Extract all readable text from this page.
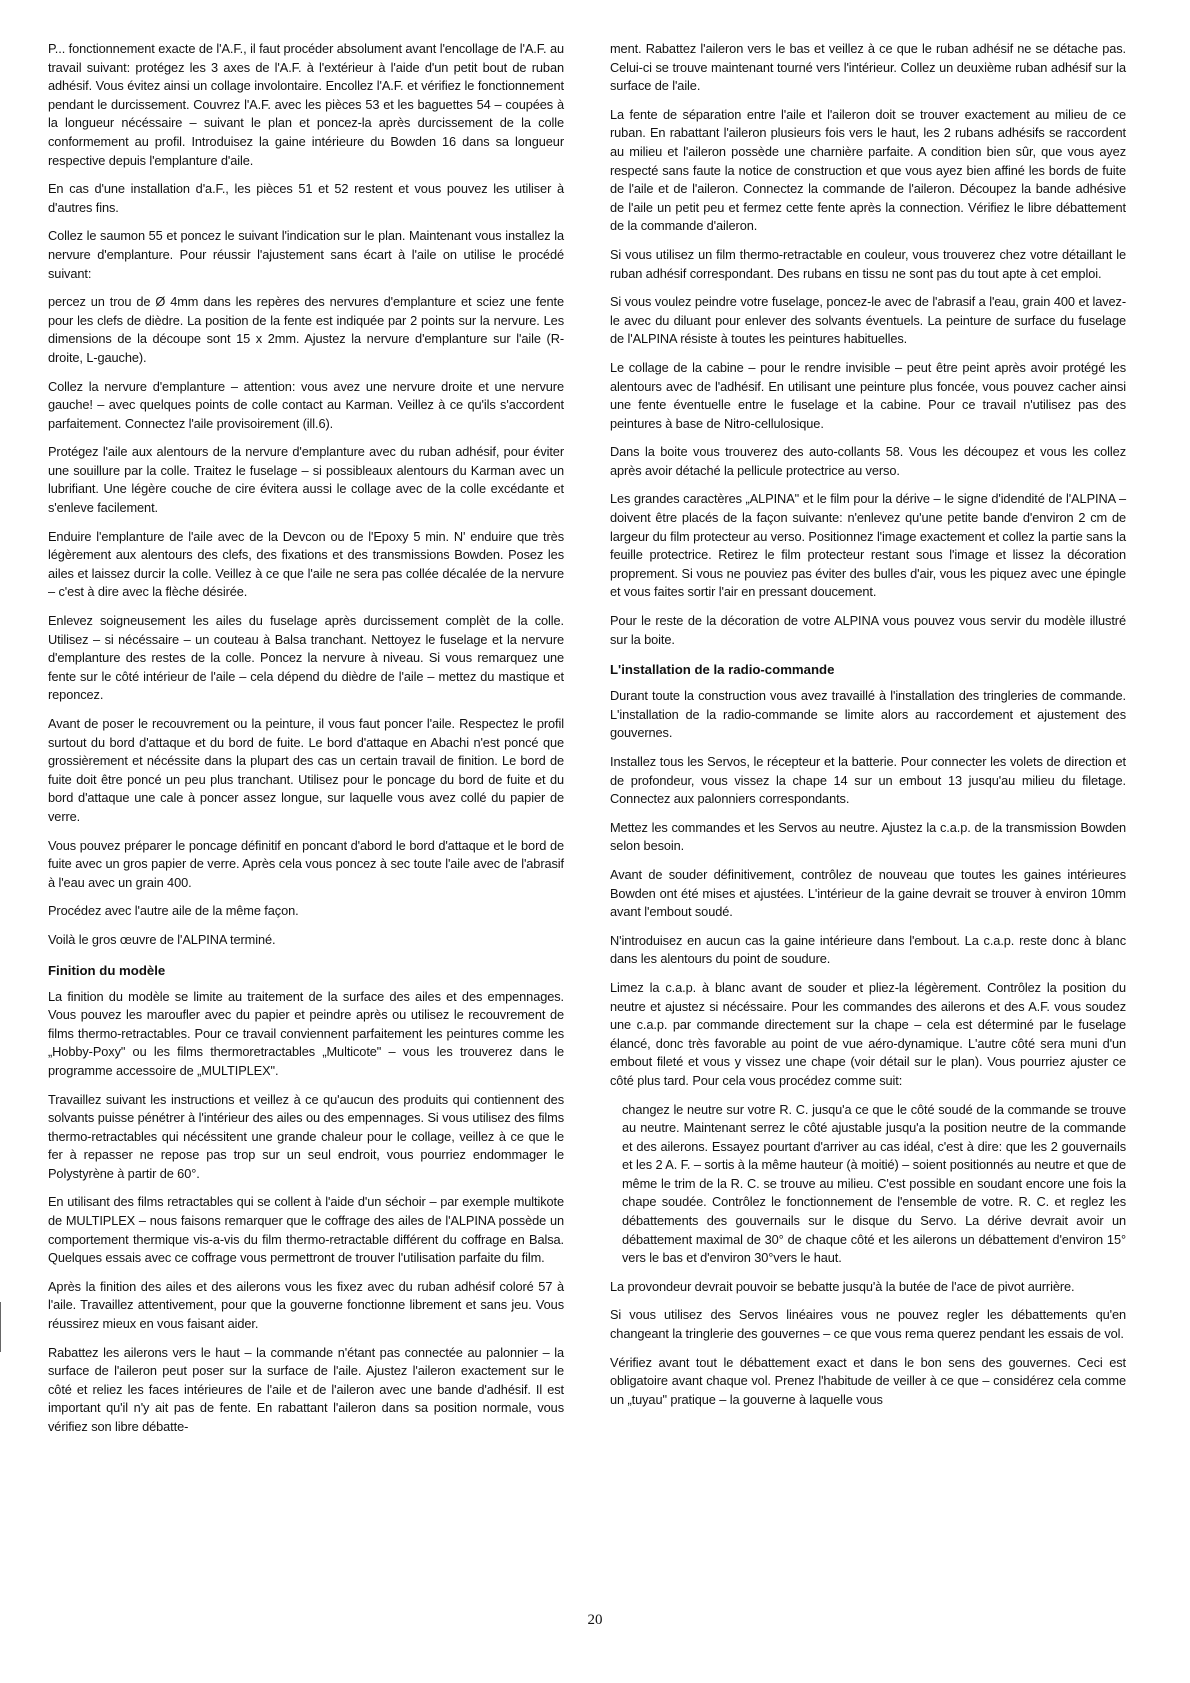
P... fonctionnement exacte de l'A.F., il faut procéder absolument avant l'encollage de l'A.F. au travail suivant: protégez les 3 axes de l'A.F. à l'extérieur à l'aide d'un petit bout de ruban adhésif. Vous évitez ainsi un collage involontaire. Encollez l'A.F. et vérifiez le fonctionnement pendant le durcissement. Couvrez l'A.F. avec les pièces 53 et les baguettes 54 – coupées à la longueur nécéssaire – suivant le plan et poncez-la après durcissement de la colle conformement au profil. Introduisez la gaine intérieure du Bowden 16 dans sa longueur respective depuis l'emplanture d'aile.

En cas d'une installation d'a.F., les pièces 51 et 52 restent et vous pouvez les utiliser à d'autres fins.

Collez le saumon 55 et poncez le suivant l'indication sur le plan. Maintenant vous installez la nervure d'emplanture. Pour réussir l'ajustement sans écart à l'aile on utilise le procédé suivant:

percez un trou de Ø 4mm dans les repères des nervures d'emplanture et sciez une fente pour les clefs de dièdre. La position de la fente est indiquée par 2 points sur la nervure. Les dimensions de la découpe sont 15 x 2mm. Ajustez la nervure d'emplanture sur l'aile (R-droite, L-gauche).

Collez la nervure d'emplanture – attention: vous avez une nervure droite et une nervure gauche! – avec quelques points de colle contact au Karman. Veillez à ce qu'ils s'accordent parfaitement. Connectez l'aile provisoirement (ill.6).

Protégez l'aile aux alentours de la nervure d'emplanture avec du ruban adhésif, pour éviter une souillure par la colle. Traitez le fuselage – si possibleaux alentours du Karman avec un lubrifiant. Une légère couche de cire évitera aussi le collage avec de la colle excédante et s'enleve facilement.

Enduire l'emplanture de l'aile avec de la Devcon ou de l'Epoxy 5 min. N' enduire que très légèrement aux alentours des clefs, des fixations et des transmissions Bowden. Posez les ailes et laissez durcir la colle. Veillez à ce que l'aile ne sera pas collée décalée de la nervure – c'est à dire avec la flèche désirée.

Enlevez soigneusement les ailes du fuselage après durcissement complèt de la colle. Utilisez – si nécéssaire – un couteau à Balsa tranchant. Nettoyez le fuselage et la nervure d'emplanture des restes de la colle. Poncez la nervure à niveau. Si vous remarquez une fente sur le côté intérieur de l'aile – cela dépend du dièdre de l'aile – mettez du mastique et reponcez.

Avant de poser le recouvrement ou la peinture, il vous faut poncer l'aile. Respectez le profil surtout du bord d'attaque et du bord de fuite. Le bord d'attaque en Abachi n'est poncé que grossièrement et nécéssite dans la plupart des cas un certain travail de finition. Le bord de fuite doit être poncé un peu plus tranchant. Utilisez pour le poncage du bord de fuite et du bord d'attaque une cale à poncer assez longue, sur laquelle vous avez collé du papier de verre.

Vous pouvez préparer le poncage définitif en poncant d'abord le bord d'attaque et le bord de fuite avec un gros papier de verre. Après cela vous poncez à sec toute l'aile avec de l'abrasif à l'eau avec un grain 400.

Procédez avec l'autre aile de la même façon.

Voilà le gros œuvre de l'ALPINA terminé.

Finition du modèle

La finition du modèle se limite au traitement de la surface des ailes et des empennages. Vous pouvez les maroufler avec du papier et peindre après ou utilisez le recouvrement de films thermo-retractables. Pour ce travail conviennent parfaitement les peintures comme les „Hobby-Poxy" ou les films thermoretractables „Multicote" – vous les trouverez dans le programme accessoire de „MULTIPLEX".

Travaillez suivant les instructions et veillez à ce qu'aucun des produits qui contiennent des solvants puisse pénétrer à l'intérieur des ailes ou des empennages. Si vous utilisez des films thermo-retractables qui nécéssitent une grande chaleur pour le collage, veillez à ce que le fer à repasser ne repose pas trop sur un seul endroit, vous pourriez endommager le Polystyrène à partir de 60°.

En utilisant des films retractables qui se collent à l'aide d'un séchoir – par exemple multikote de MULTIPLEX – nous faisons remarquer que le coffrage des ailes de l'ALPINA possède un comportement thermique vis-a-vis du film thermo-retractable différent du coffrage en Balsa. Quelques essais avec ce coffrage vous permettront de trouver l'utilisation parfaite du film.

Après la finition des ailes et des ailerons vous les fixez avec du ruban adhésif coloré 57 à l'aile. Travaillez attentivement, pour que la gouverne fonctionne librement et sans jeu. Vous réussirez mieux en vous faisant aider.

Rabattez les ailerons vers le haut – la commande n'étant pas connectée au palonnier – la surface de l'aileron peut poser sur la surface de l'aile. Ajustez l'aileron exactement sur le côté et reliez les faces intérieures de l'aile et de l'aileron avec une bande d'adhésif. Il est important qu'il n'y ait pas de fente. En rabattant l'aileron dans sa position normale, vous vérifiez son libre débatte-

ment. Rabattez l'aileron vers le bas et veillez à ce que le ruban adhésif ne se détache pas. Celui-ci se trouve maintenant tourné vers l'intérieur. Collez un deuxième ruban adhésif sur la surface de l'aile.

La fente de séparation entre l'aile et l'aileron doit se trouver exactement au milieu de ce ruban. En rabattant l'aileron plusieurs fois vers le haut, les 2 rubans adhésifs se raccordent au milieu et l'aileron possède une charnière parfaite. A condition bien sûr, que vous ayez respecté sans faute la notice de construction et que vous ayez bien affiné les bords de fuite de l'aile et de l'aileron. Connectez la commande de l'aileron. Découpez la bande adhésive de l'aile un petit peu et fermez cette fente après la connection. Vérifiez le libre débattement de la commande d'aileron.

Si vous utilisez un film thermo-retractable en couleur, vous trouverez chez votre détaillant le ruban adhésif correspondant. Des rubans en tissu ne sont pas du tout apte à cet emploi.

Si vous voulez peindre votre fuselage, poncez-le avec de l'abrasif a l'eau, grain 400 et lavez-le avec du diluant pour enlever des solvants éventuels. La peinture de surface du fuselage de l'ALPINA résiste à toutes les peintures habituelles.

Le collage de la cabine – pour le rendre invisible – peut être peint après avoir protégé les alentours avec de l'adhésif. En utilisant une peinture plus foncée, vous pouvez cacher ainsi une fente éventuelle entre le fuselage et la cabine. Pour ce travail n'utilisez pas des peintures à base de Nitro-cellulosique.

Dans la boite vous trouverez des auto-collants 58. Vous les découpez et vous les collez après avoir détaché la pellicule protectrice au verso.

Les grandes caractères „ALPINA" et le film pour la dérive – le signe d'idendité de l'ALPINA – doivent être placés de la façon suivante: n'enlevez qu'une petite bande d'environ 2 cm de largeur du film protecteur au verso. Positionnez l'image exactement et collez la partie sans la feuille protectrice. Retirez le film protecteur restant sous l'image et lissez la décoration proprement. Si vous ne pouviez pas éviter des bulles d'air, vous les piquez avec une épingle et vous faites sortir l'air en pressant doucement.

Pour le reste de la décoration de votre ALPINA vous pouvez vous servir du modèle illustré sur la boite.

L'installation de la radio-commande

Durant toute la construction vous avez travaillé à l'installation des tringleries de commande. L'installation de la radio-commande se limite alors au raccordement et ajustement des gouvernes.

Installez tous les Servos, le récepteur et la batterie. Pour connecter les volets de direction et de profondeur, vous vissez la chape 14 sur un embout 13 jusqu'au milieu du filetage. Connectez aux palonniers correspondants.

Mettez les commandes et les Servos au neutre. Ajustez la c.a.p. de la transmission Bowden selon besoin.

Avant de souder définitivement, contrôlez de nouveau que toutes les gaines intérieures Bowden ont été mises et ajustées. L'intérieur de la gaine devrait se trouver à environ 10mm avant l'embout soudé.

N'introduisez en aucun cas la gaine intérieure dans l'embout. La c.a.p. reste donc à blanc dans les alentours du point de soudure.

Limez la c.a.p. à blanc avant de souder et pliez-la légèrement. Contrôlez la position du neutre et ajustez si nécéssaire. Pour les commandes des ailerons et des A.F. vous soudez une c.a.p. par commande directement sur la chape – cela est déterminé par le fuselage élancé, donc très favorable au point de vue aéro-dynamique. L'autre côté sera muni d'un embout fileté et vous y vissez une chape (voir détail sur le plan). Vous pourriez ajuster ce côté plus tard. Pour cela vous procédez comme suit:

changez le neutre sur votre R. C. jusqu'a ce que le côté soudé de la commande se trouve au neutre. Maintenant serrez le côté ajustable jusqu'a la position neutre de la commande et des ailerons. Essayez pourtant d'arriver au cas idéal, c'est à dire: que les 2 gouvernails et les 2 A. F. – sortis à la même hauteur (à moitié) – soient positionnés au neutre et que de même le trim de la R. C. se trouve au milieu. C'est possible en soudant encore une fois la chape soudée. Contrôlez le fonctionnement de l'ensemble de votre. R. C. et reglez les débattements des gouvernails sur le disque du Servo. La dérive devrait avoir un débattement maximal de 30° de chaque côté et les ailerons un débattement d'environ 15° vers le bas et d'environ 30°vers le haut.

La provondeur devrait pouvoir se bebatte jusqu'à la butée de l'ace de pivot aurrière.

Si vous utilisez des Servos linéaires vous ne pouvez regler les débattements qu'en changeant la tringlerie des gouvernes – ce que vous rema querez pendant les essais de vol.

Vérifiez avant tout le débattement exact et dans le bon sens des gouvernes. Ceci est obligatoire avant chaque vol. Prenez l'habitude de veiller à ce que – considérez cela comme un „tuyau" pratique – la gouverne à laquelle vous

20
